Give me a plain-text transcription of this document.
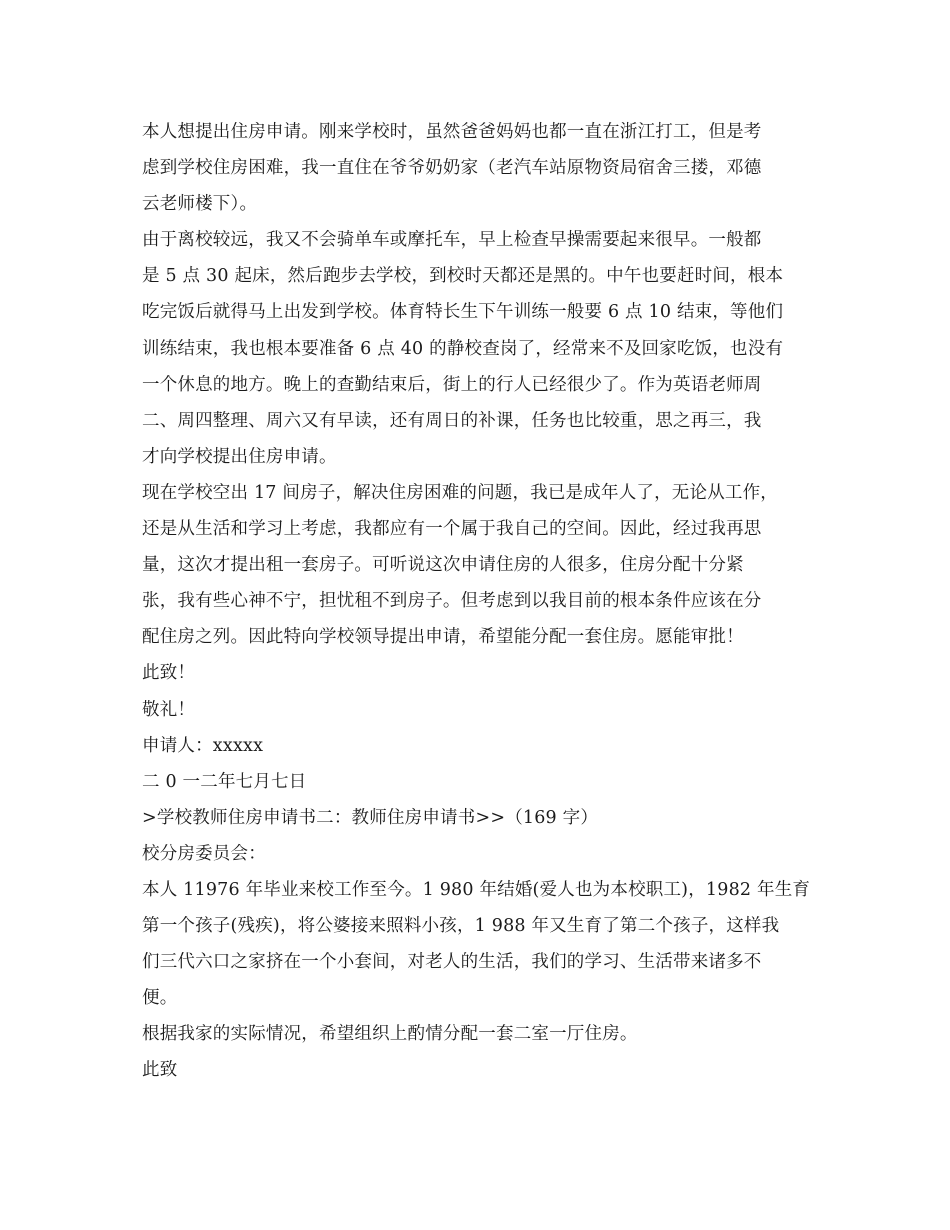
本人想提出住房申请。刚来学校时，虽然爸爸妈妈也都一直在浙江打工，但是考
虑到学校住房困难，我一直住在爷爷奶奶家（老汽车站原物资局宿舍三搂，邓德
云老师楼下）。
由于离校较远，我又不会骑单车或摩托车，早上检查早操需要起来很早。一般都
是 5 点 30 起床，然后跑步去学校，到校时天都还是黑的。中午也要赶时间，根本
吃完饭后就得马上出发到学校。体育特长生下午训练一般要 6 点 10 结束，等他们
训练结束，我也根本要准备 6 点 40 的静校查岗了，经常来不及回家吃饭，也没有
一个休息的地方。晚上的查勤结束后，街上的行人已经很少了。作为英语老师周
二、周四整理、周六又有早读，还有周日的补课，任务也比较重，思之再三，我
才向学校提出住房申请。
现在学校空出 17 间房子，解决住房困难的问题，我已是成年人了，无论从工作，
还是从生活和学习上考虑，我都应有一个属于我自己的空间。因此，经过我再思
量，这次才提出租一套房子。可听说这次申请住房的人很多，住房分配十分紧
张，我有些心神不宁，担忧租不到房子。但考虑到以我目前的根本条件应该在分
配住房之列。因此特向学校领导提出申请，希望能分配一套住房。愿能审批！
此致！
敬礼！
申请人：xxxxx
二 0 一二年七月七日
>学校教师住房申请书二：教师住房申请书>>（169 字）
校分房委员会：
本人 11976 年毕业来校工作至今。1 980 年结婚(爱人也为本校职工)，1982 年生育
第一个孩子(残疾)，将公婆接来照料小孩，1 988 年又生育了第二个孩子，这样我
们三代六口之家挤在一个小套间，对老人的生活，我们的学习、生活带来诸多不
便。
根据我家的实际情况，希望组织上酌情分配一套二室一厅住房。
此致
